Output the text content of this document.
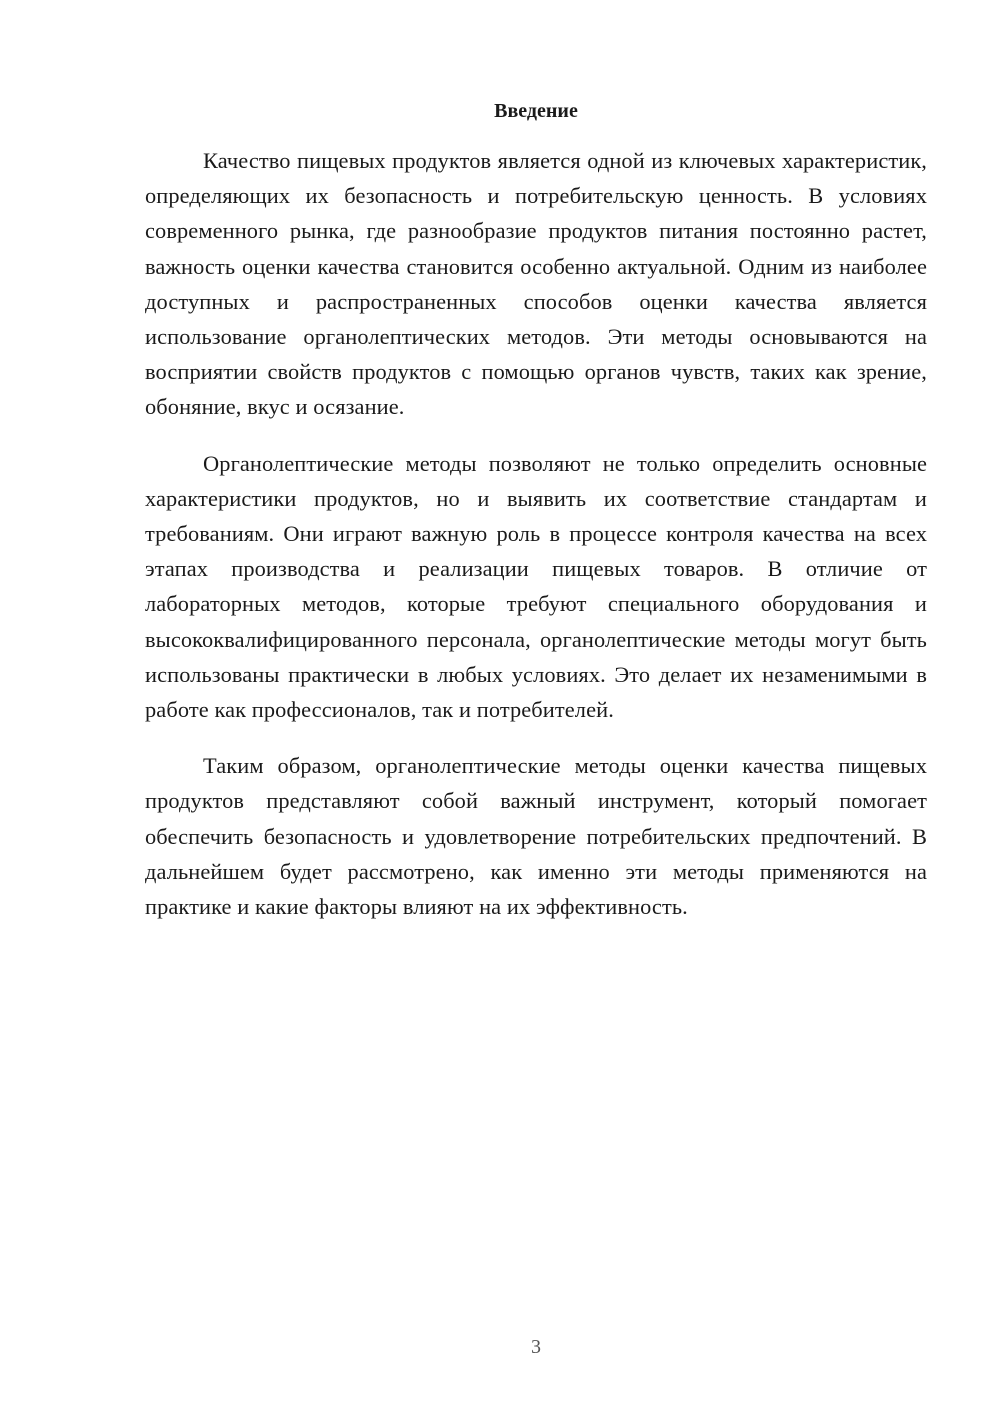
Введение

Качество пищевых продуктов является одной из ключевых характеристик, определяющих их безопасность и потребительскую ценность. В условиях современного рынка, где разнообразие продуктов питания постоянно растет, важность оценки качества становится особенно актуальной. Одним из наиболее доступных и распространенных способов оценки качества является использование органолептических методов. Эти методы основываются на восприятии свойств продуктов с помощью органов чувств, таких как зрение, обоняние, вкус и осязание.

Органолептические методы позволяют не только определить основные характеристики продуктов, но и выявить их соответствие стандартам и требованиям. Они играют важную роль в процессе контроля качества на всех этапах производства и реализации пищевых товаров. В отличие от лабораторных методов, которые требуют специального оборудования и высококвалифицированного персонала, органолептические методы могут быть использованы практически в любых условиях. Это делает их незаменимыми в работе как профессионалов, так и потребителей.

Таким образом, органолептические методы оценки качества пищевых продуктов представляют собой важный инструмент, который помогает обеспечить безопасность и удовлетворение потребительских предпочтений. В дальнейшем будет рассмотрено, как именно эти методы применяются на практике и какие факторы влияют на их эффективность.

3
